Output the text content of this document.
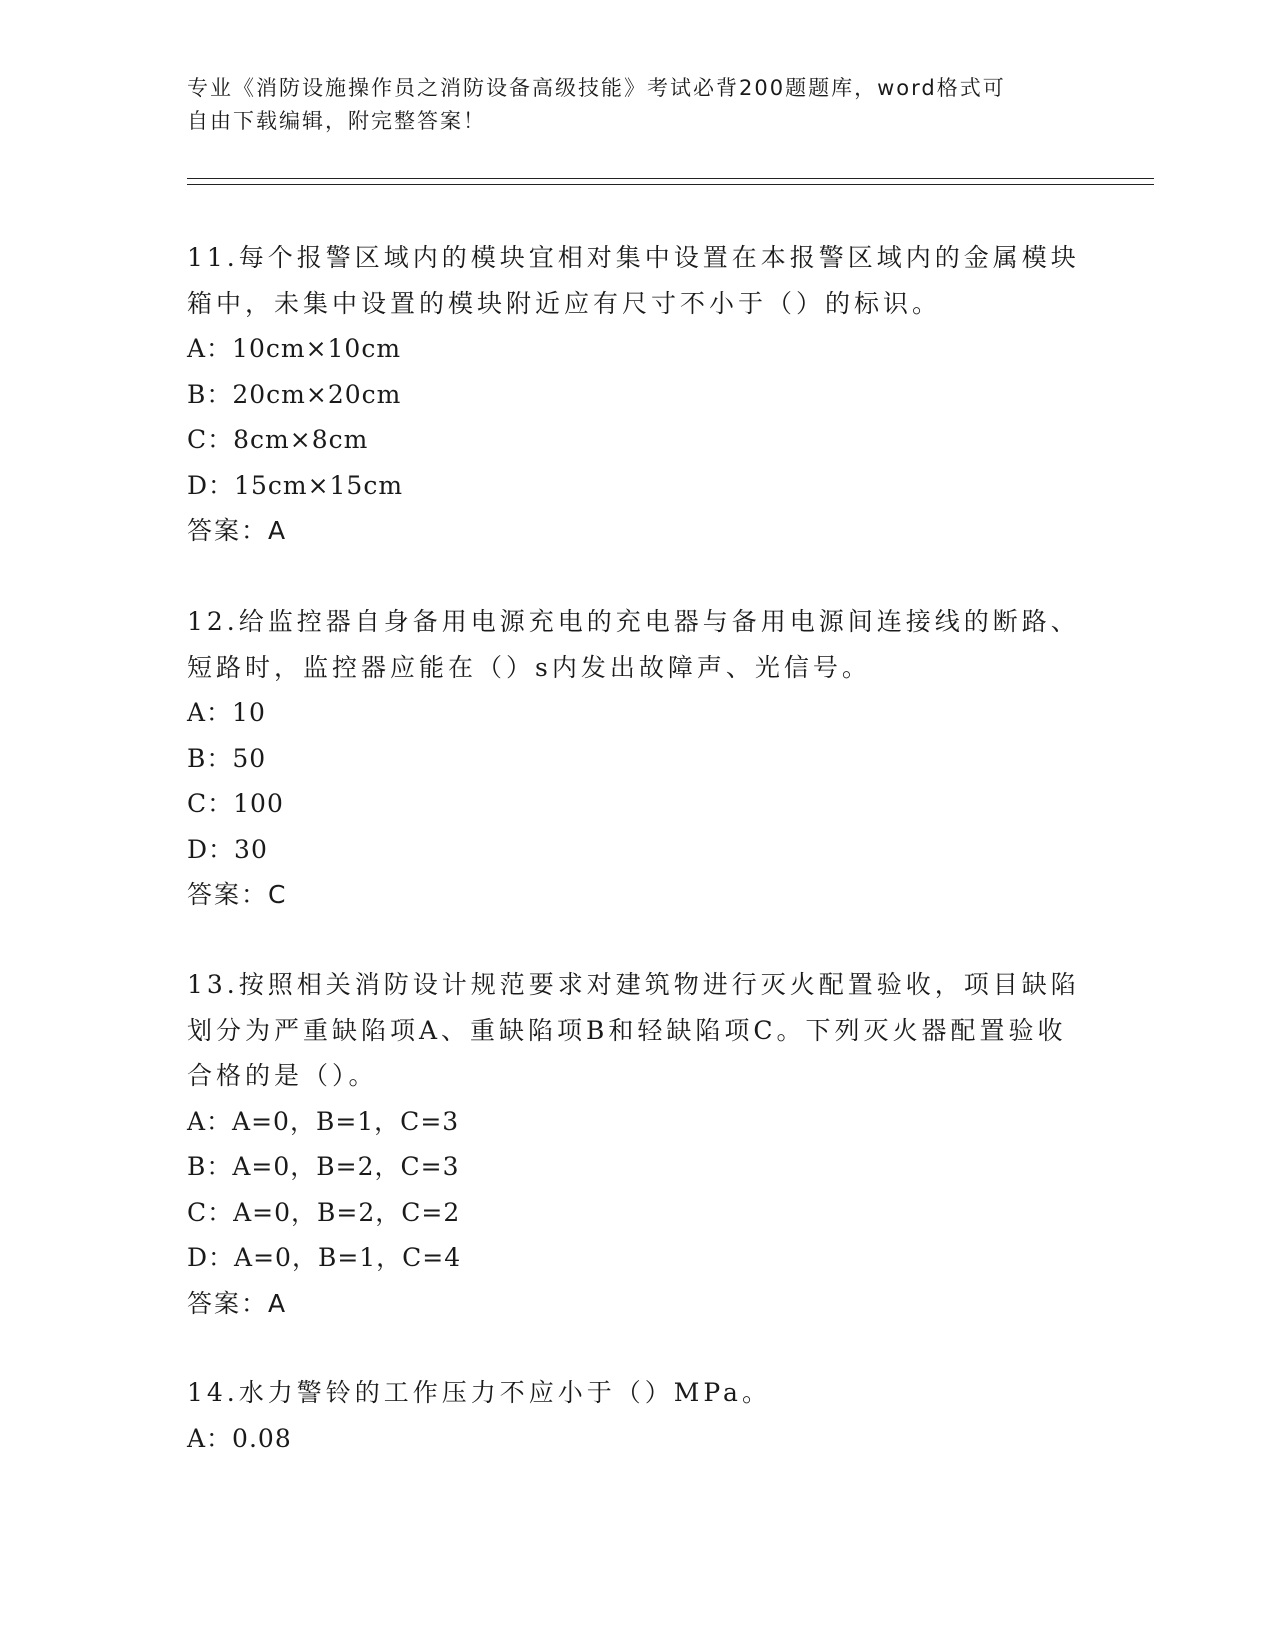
专业《消防设施操作员之消防设备高级技能》考试必背200题题库，word格式可
自由下载编辑，附完整答案！

11.每个报警区域内的模块宜相对集中设置在本报警区域内的金属模块

箱中，未集中设置的模块附近应有尺寸不小于（）的标识。

A：10cm×10cm

B：20cm×20cm

C：8cm×8cm

D：15cm×15cm

答案：A

12.给监控器自身备用电源充电的充电器与备用电源间连接线的断路、

短路时，监控器应能在（）s内发出故障声、光信号。

A：10

B：50

C：100

D：30

答案：C

13.按照相关消防设计规范要求对建筑物进行灭火配置验收，项目缺陷

划分为严重缺陷项A、重缺陷项B和轻缺陷项C。下列灭火器配置验收

合格的是（）。

A：A=0，B=1，C=3

B：A=0，B=2，C=3

C：A=0，B=2，C=2

D：A=0，B=1，C=4

答案：A

14.水力警铃的工作压力不应小于（）MPa。

A：0.08
